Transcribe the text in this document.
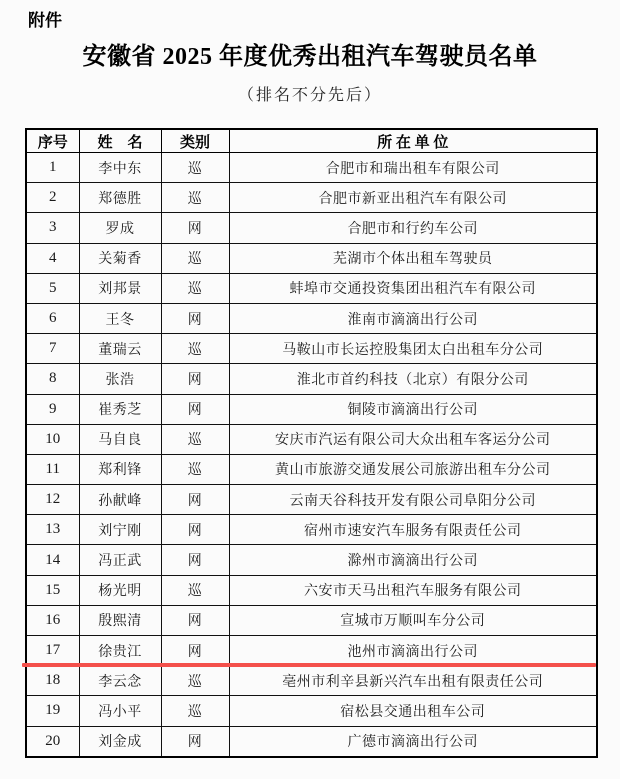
附件
安徽省 2025 年度优秀出租汽车驾驶员名单
（排名不分先后）
序号	姓　名	类别	所 在 单 位
1	李中东	巡	合肥市和瑞出租车有限公司
2	郑德胜	巡	合肥市新亚出租汽车有限公司
3	罗成	网	合肥市和行约车公司
4	关菊香	巡	芜湖市个体出租车驾驶员
5	刘邦景	巡	蚌埠市交通投资集团出租汽车有限公司
6	王冬	网	淮南市滴滴出行公司
7	董瑞云	巡	马鞍山市长运控股集团太白出租车分公司
8	张浩	网	淮北市首约科技（北京）有限分公司
9	崔秀芝	网	铜陵市滴滴出行公司
10	马自良	巡	安庆市汽运有限公司大众出租车客运分公司
11	郑利锋	巡	黄山市旅游交通发展公司旅游出租车分公司
12	孙献峰	网	云南天谷科技开发有限公司阜阳分公司
13	刘宁刚	网	宿州市速安汽车服务有限责任公司
14	冯正武	网	滁州市滴滴出行公司
15	杨光明	巡	六安市天马出租汽车服务有限公司
16	殷熙清	网	宣城市万顺叫车分公司
17	徐贵江	网	池州市滴滴出行公司
18	李云念	巡	亳州市利辛县新兴汽车出租有限责任公司
19	冯小平	巡	宿松县交通出租车公司
20	刘金成	网	广德市滴滴出行公司
